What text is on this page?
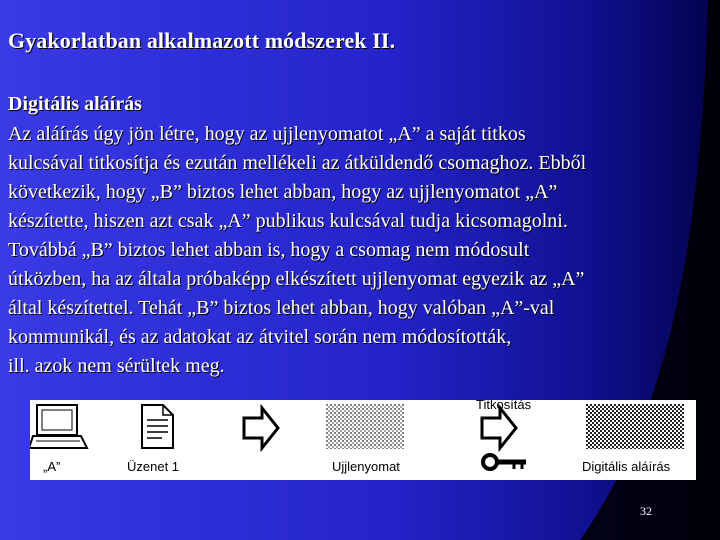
Gyakorlatban alkalmazott módszerek II.
Digitális aláírás

Az aláírás úgy jön létre, hogy az ujjlenyomatot „A” a saját titkos
kulcsával titkosítja és ezután mellékeli az átküldendő csomaghoz. Ebből
következik, hogy „B” biztos lehet abban, hogy az ujjlenyomatot „A”
készítette, hiszen azt csak „A” publikus kulcsával tudja kicsomagolni.
Továbbá „B” biztos lehet abban is, hogy a csomag nem módosult
útközben, ha az általa próbaképp elkészített ujjlenyomat egyezik az „A”
által készítettel. Tehát „B” biztos lehet abban, hogy valóban „A”-val
kommunikál, és az adatokat az átvitel során nem módosították,
ill. azok nem sérültek meg.

„A”	Üzenet 1	Ujjlenyomat
Titkosítás
Digitális aláírás
32
